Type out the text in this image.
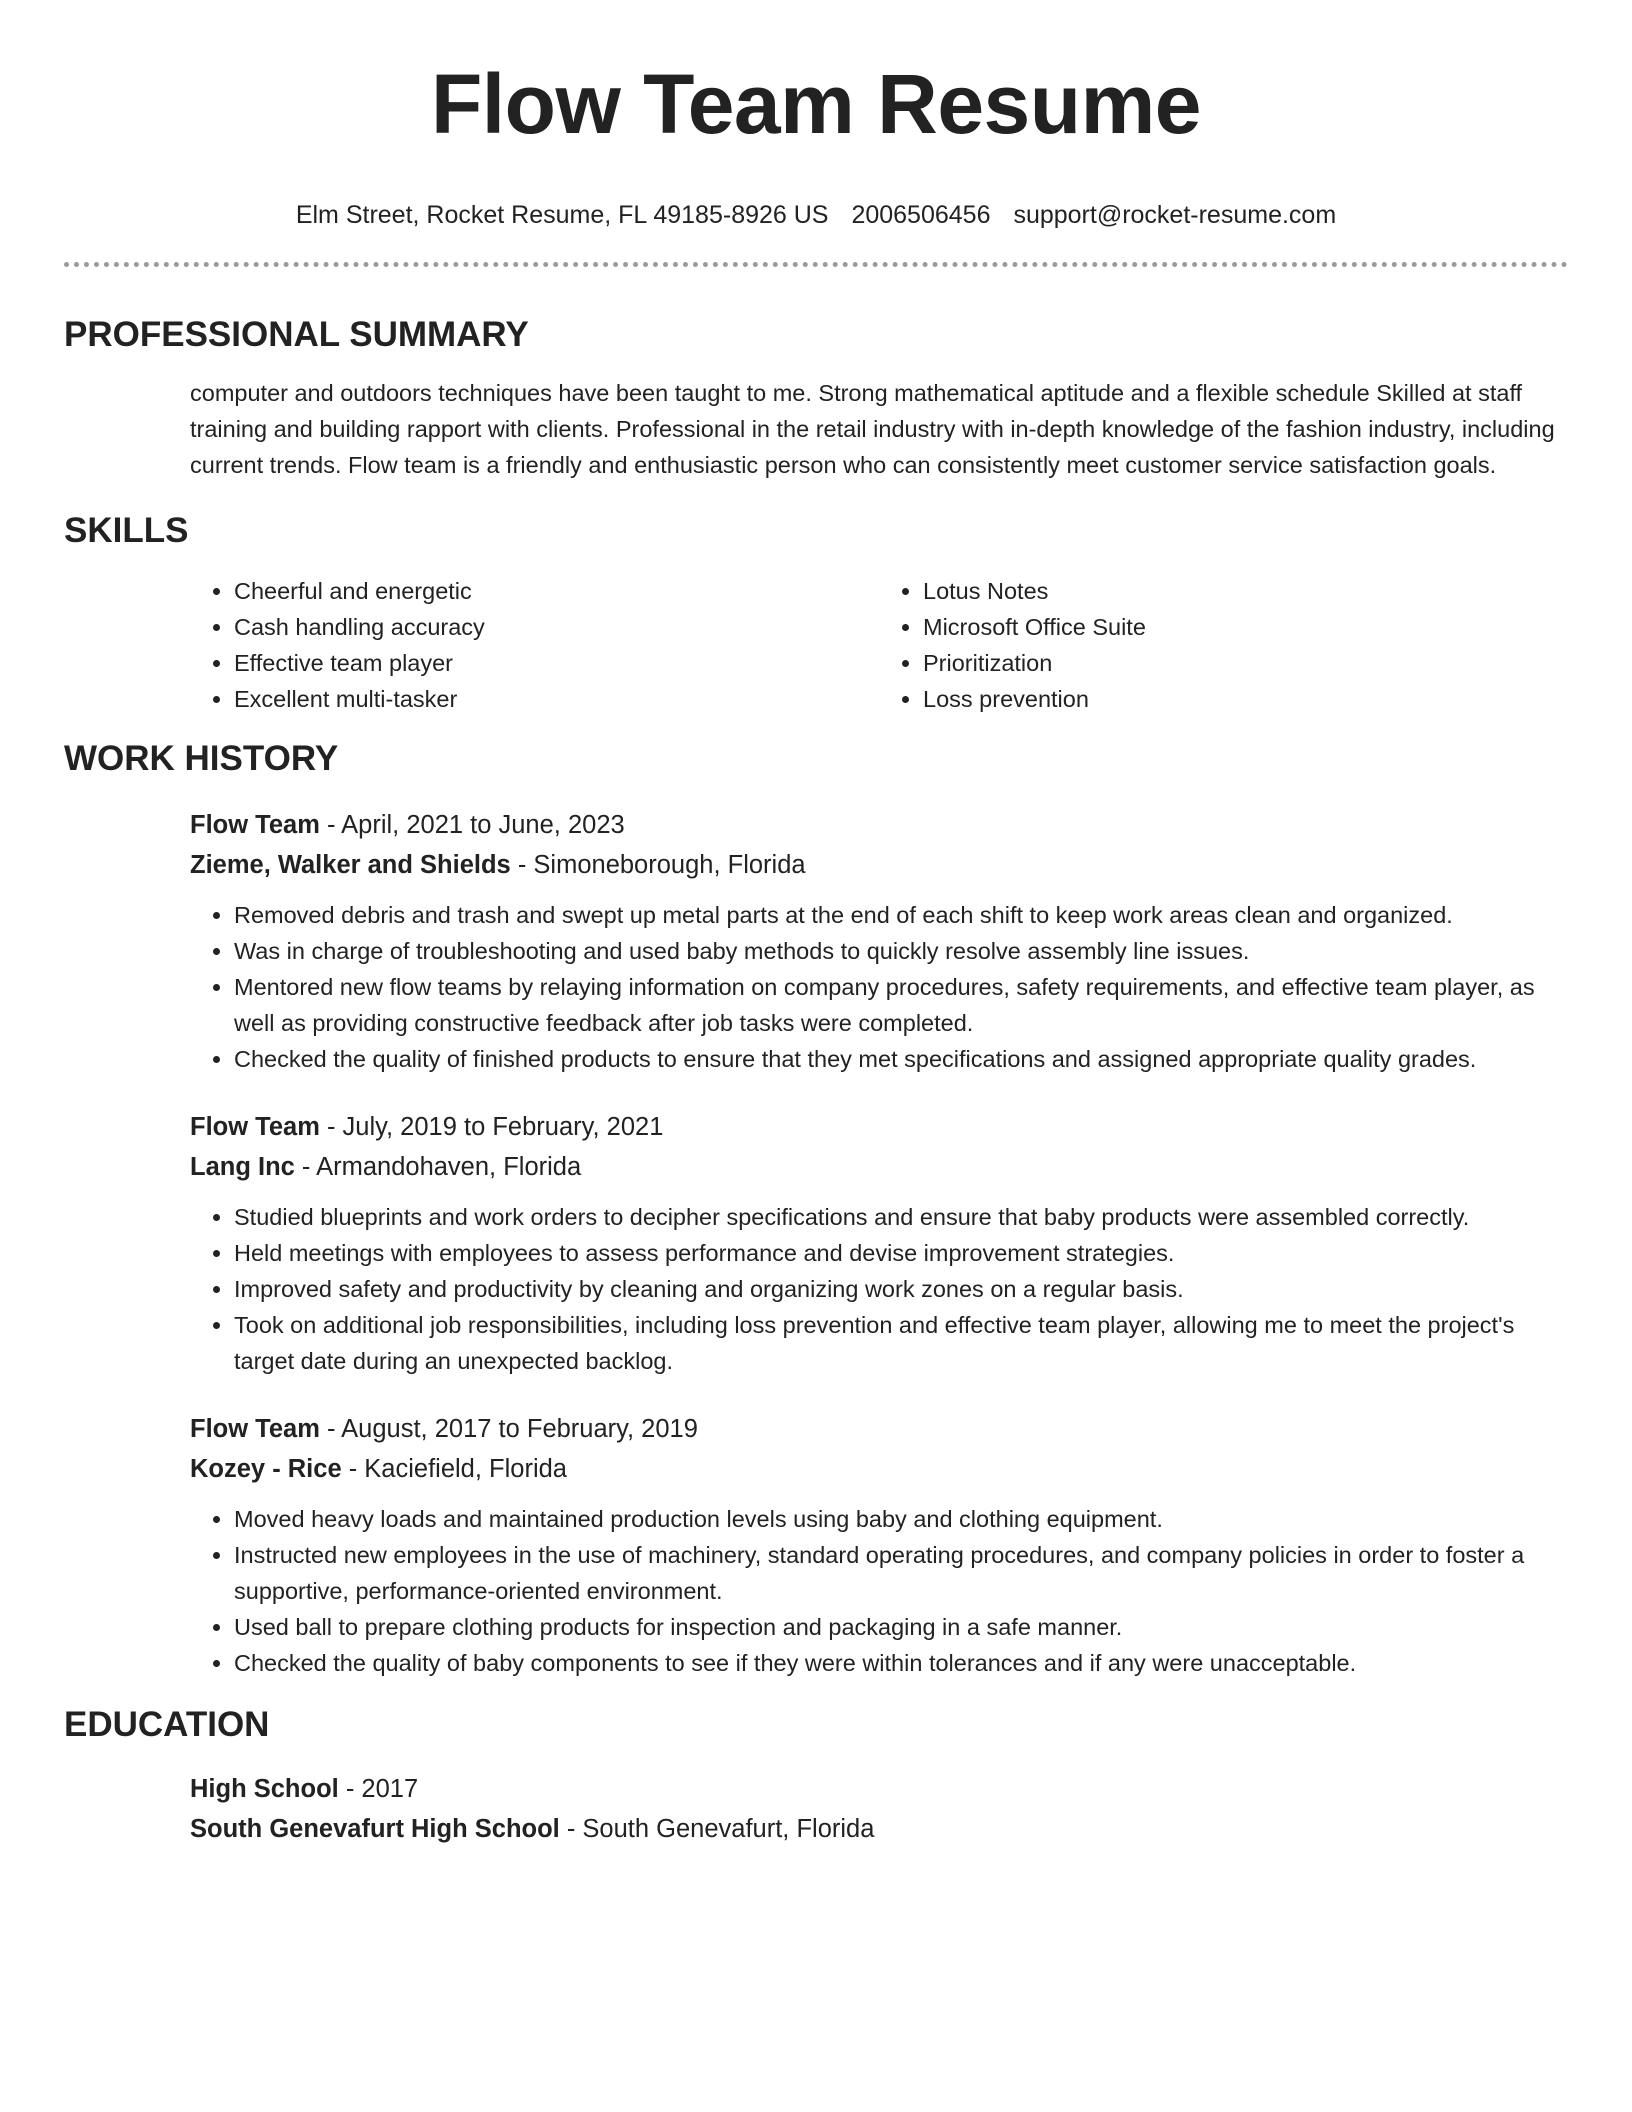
Flow Team Resume
Elm Street, Rocket Resume, FL 49185-8926 US 2006506456 support@rocket-resume.com
PROFESSIONAL SUMMARY

computer and outdoors techniques have been taught to me. Strong mathematical aptitude and a flexible schedule Skilled at staff training and building rapport with clients. Professional in the retail industry with in-depth knowledge of the fashion industry, including current trends. Flow team is a friendly and enthusiastic person who can consistently meet customer service satisfaction goals.

SKILLS
• Cheerful and energetic
• Cash handling accuracy
• Effective team player
• Excellent multi-tasker
• Lotus Notes
• Microsoft Office Suite
• Prioritization
• Loss prevention
WORK HISTORY
Flow Team - April, 2021 to June, 2023
Zieme, Walker and Shields - Simoneborough, Florida
• Removed debris and trash and swept up metal parts at the end of each shift to keep work areas clean and organized.
• Was in charge of troubleshooting and used baby methods to quickly resolve assembly line issues.
• Mentored new flow teams by relaying information on company procedures, safety requirements, and effective team player, as well as providing constructive feedback after job tasks were completed.
• Checked the quality of finished products to ensure that they met specifications and assigned appropriate quality grades.
Flow Team - July, 2019 to February, 2021
Lang Inc - Armandohaven, Florida
• Studied blueprints and work orders to decipher specifications and ensure that baby products were assembled correctly.
• Held meetings with employees to assess performance and devise improvement strategies.
• Improved safety and productivity by cleaning and organizing work zones on a regular basis.
• Took on additional job responsibilities, including loss prevention and effective team player, allowing me to meet the project's target date during an unexpected backlog.
Flow Team - August, 2017 to February, 2019
Kozey - Rice - Kaciefield, Florida
• Moved heavy loads and maintained production levels using baby and clothing equipment.
• Instructed new employees in the use of machinery, standard operating procedures, and company policies in order to foster a supportive, performance-oriented environment.
• Used ball to prepare clothing products for inspection and packaging in a safe manner.
• Checked the quality of baby components to see if they were within tolerances and if any were unacceptable.
EDUCATION
High School - 2017
South Genevafurt High School - South Genevafurt, Florida
